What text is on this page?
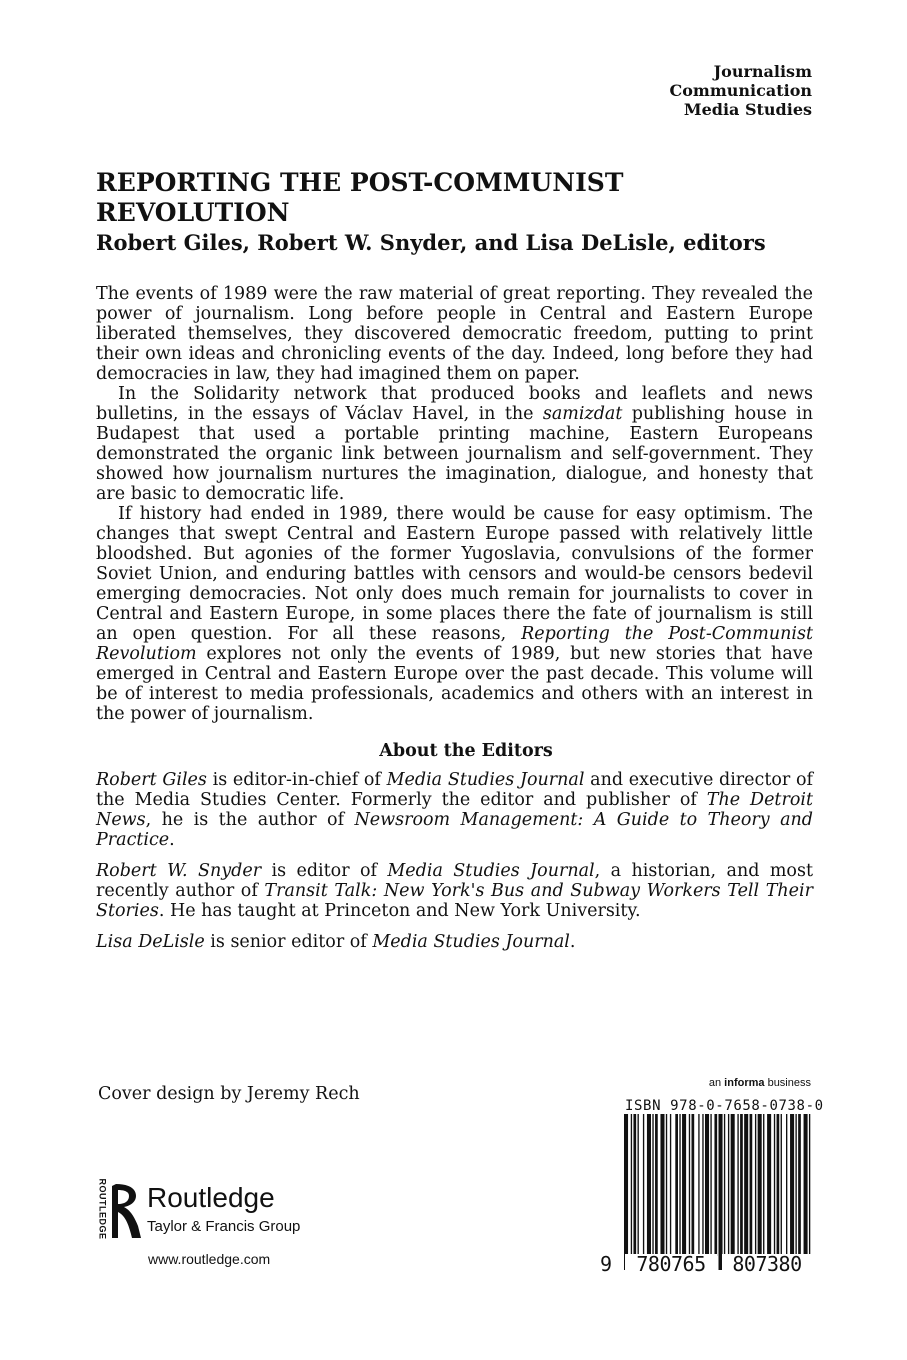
Journalism
Communication
Media Studies
REPORTING THE POST-COMMUNIST REVOLUTION
Robert Giles, Robert W. Snyder, and Lisa DeLisle, editors

The events of 1989 were the raw material of great reporting. They revealed the power of journalism. Long before people in Central and Eastern Europe liberated themselves, they discovered democratic freedom, putting to print their own ideas and chronicling events of the day. Indeed, long before they had democracies in law, they had imagined them on paper.

In the Solidarity network that produced books and leaflets and news bulletins, in the essays of Václav Havel, in the samizdat publishing house in Budapest that used a portable printing machine, Eastern Europeans demonstrated the organic link between journalism and self-government. They showed how journalism nurtures the imagination, dialogue, and honesty that are basic to democratic life.

If history had ended in 1989, there would be cause for easy optimism. The changes that swept Central and Eastern Europe passed with relatively little bloodshed. But agonies of the former Yugoslavia, convulsions of the former Soviet Union, and enduring battles with censors and would-be censors bedevil emerging democracies. Not only does much remain for journalists to cover in Central and Eastern Europe, in some places there the fate of journalism is still an open question. For all these reasons, Reporting the Post-Communist Revolutiom explores not only the events of 1989, but new stories that have emerged in Central and Eastern Europe over the past decade. This volume will be of interest to media professionals, academics and others with an interest in the power of journalism.

About the Editors

Robert Giles is editor-in-chief of Media Studies Journal and executive director of the Media Studies Center. Formerly the editor and publisher of The Detroit News, he is the author of Newsroom Management: A Guide to Theory and Practice.

Robert W. Snyder is editor of Media Studies Journal, a historian, and most recently author of Transit Talk: New York's Bus and Subway Workers Tell Their Stories. He has taught at Princeton and New York University.

Lisa DeLisle is senior editor of Media Studies Journal.

Cover design by Jeremy Rech
ROUTLEDGE Routledge
Taylor & Francis Group
www.routledge.com
an informa business
ISBN 978-0-7658-0738-0
9	780765	807380
